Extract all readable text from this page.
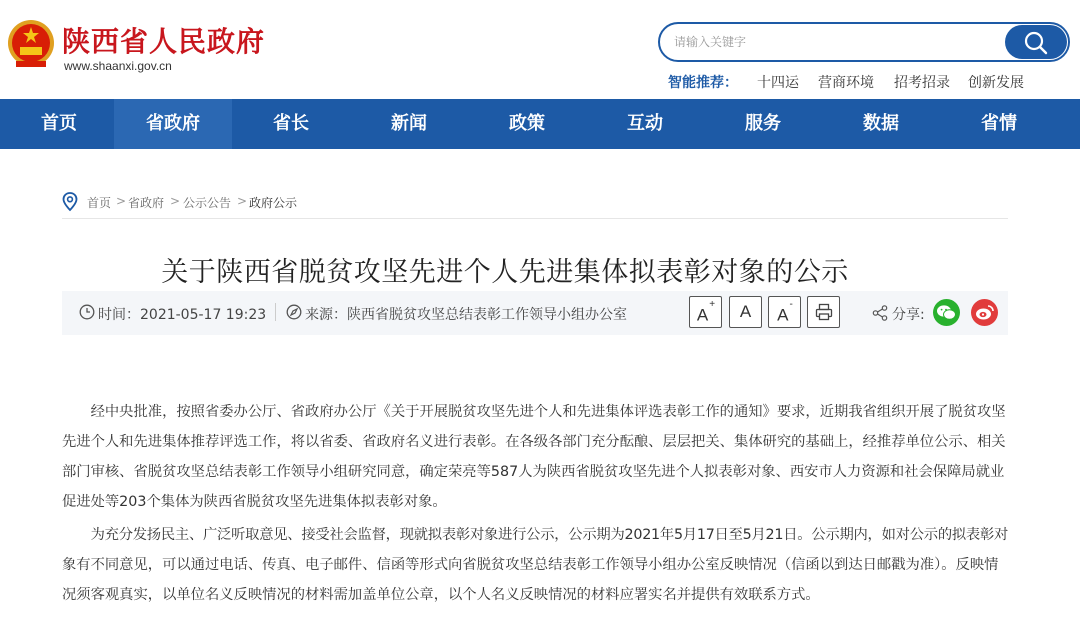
陕西省人民政府
www.shaanxi.gov.cn
请输入关键字
智能推荐： 十四运 营商环境 招考招录 创新发展
首页	省政府	省长	新闻	政策	互动	服务	数据	省情
首页 > 省政府 > 公示公告 > 政府公示
关于陕西省脱贫攻坚先进个人先进集体拟表彰对象的公示
时间：2021-05-17 19:23	来源：陕西省脱贫攻坚总结表彰工作领导小组办公室	A+	A	A-
分享:
经中央批准，按照省委办公厅、省政府办公厅《关于开展脱贫攻坚先进个人和先进集体评选表彰工作的通知》要求，近期我省组织开展了脱贫攻坚
先进个人和先进集体推荐评选工作，将以省委、省政府名义进行表彰。在各级各部门充分酝酿、层层把关、集体研究的基础上，经推荐单位公示、相关
部门审核、省脱贫攻坚总结表彰工作领导小组研究同意，确定荣亮等587人为陕西省脱贫攻坚先进个人拟表彰对象、西安市人力资源和社会保障局就业
促进处等203个集体为陕西省脱贫攻坚先进集体拟表彰对象。
为充分发扬民主、广泛听取意见、接受社会监督，现就拟表彰对象进行公示，公示期为2021年5月17日至5月21日。公示期内，如对公示的拟表彰对
象有不同意见，可以通过电话、传真、电子邮件、信函等形式向省脱贫攻坚总结表彰工作领导小组办公室反映情况（信函以到达日邮戳为准）。反映情
况须客观真实，以单位名义反映情况的材料需加盖单位公章，以个人名义反映情况的材料应署实名并提供有效联系方式。
